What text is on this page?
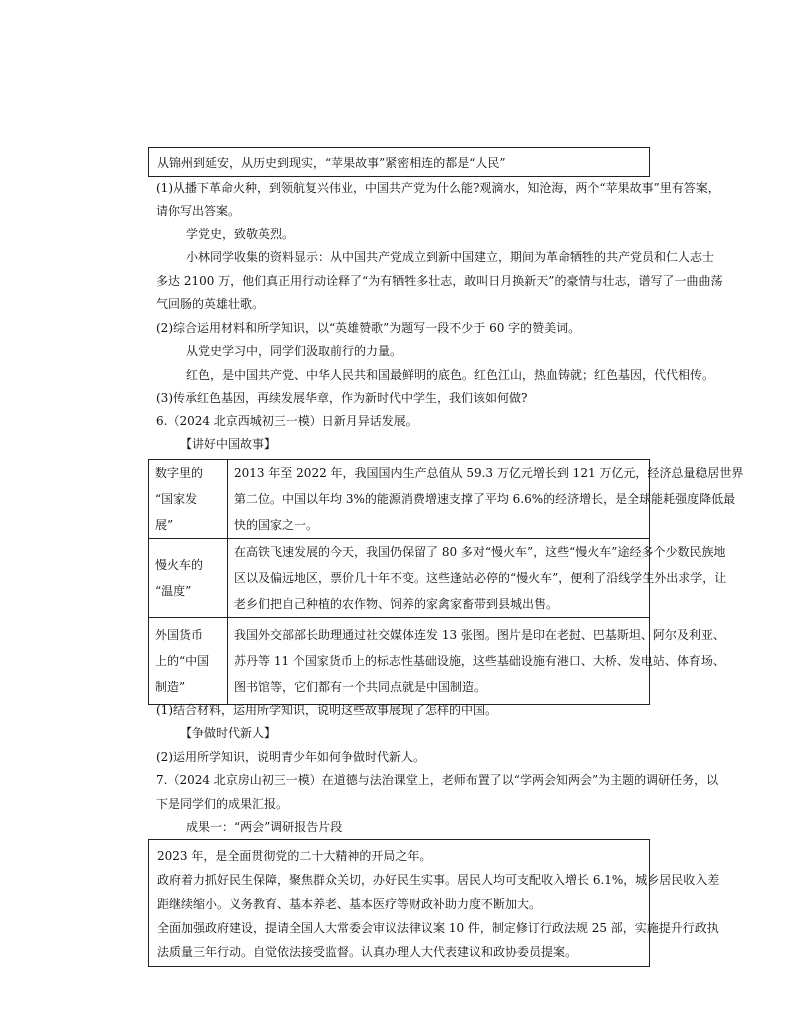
从锦州到延安，从历史到现实，“苹果故事”紧密相连的都是“人民”
(1)从播下革命火种，到领航复兴伟业，中国共产党为什么能?观滴水，知沧海，两个“苹果故事”里有答案，
请你写出答案。
学党史，致敬英烈。
小林同学收集的资料显示：从中国共产党成立到新中国建立，期间为革命牺牲的共产党员和仁人志士
多达 2100 万，他们真正用行动诠释了“为有牺牲多壮志，敢叫日月换新天”的豪情与壮志，谱写了一曲曲荡
气回肠的英雄壮歌。
(2)综合运用材料和所学知识，以“英雄赞歌”为题写一段不少于 60 字的赞美词。
从党史学习中，同学们汲取前行的力量。
红色，是中国共产党、中华人民共和国最鲜明的底色。红色江山，热血铸就；红色基因，代代相传。
(3)传承红色基因，再续发展华章，作为新时代中学生，我们该如何做?
6.（2024 北京西城初三一模）日新月异话发展。
【讲好中国故事】
数字里的
“国家发
展”	2013 年至 2022 年，我国国内生产总值从 59.3 万亿元增长到 121 万亿元，经济总量稳居世界
第二位。中国以年均 3%的能源消费增速支撑了平均 6.6%的经济增长，是全球能耗强度降低最
快的国家之一。

慢火车的
“温度”	在高铁飞速发展的今天，我国仍保留了 80 多对“慢火车”，这些“慢火车”途经多个少数民族地
区以及偏远地区，票价几十年不变。这些逢站必停的“慢火车”，便利了沿线学生外出求学，让
老乡们把自己种植的农作物、饲养的家禽家畜带到县城出售。

外国货币
上的“中国
制造”	我国外交部部长助理通过社交媒体连发 13 张图。图片是印在老挝、巴基斯坦、阿尔及利亚、
苏丹等 11 个国家货币上的标志性基础设施，这些基础设施有港口、大桥、发电站、体育场、
图书馆等，它们都有一个共同点就是中国制造。
(1)结合材料，运用所学知识，说明这些故事展现了怎样的中国。
【争做时代新人】
(2)运用所学知识，说明青少年如何争做时代新人。
7.（2024 北京房山初三一模）在道德与法治课堂上，老师布置了以“学两会知两会”为主题的调研任务，以
下是同学们的成果汇报。
成果一：“两会”调研报告片段
2023 年，是全面贯彻党的二十大精神的开局之年。
政府着力抓好民生保障，聚焦群众关切，办好民生实事。居民人均可支配收入增长 6.1%，城乡居民收入差
距继续缩小。义务教育、基本养老、基本医疗等财政补助力度不断加大。
全面加强政府建设，提请全国人大常委会审议法律议案 10 件，制定修订行政法规 25 部，实施提升行政执
法质量三年行动。自觉依法接受监督。认真办理人大代表建议和政协委员提案。
